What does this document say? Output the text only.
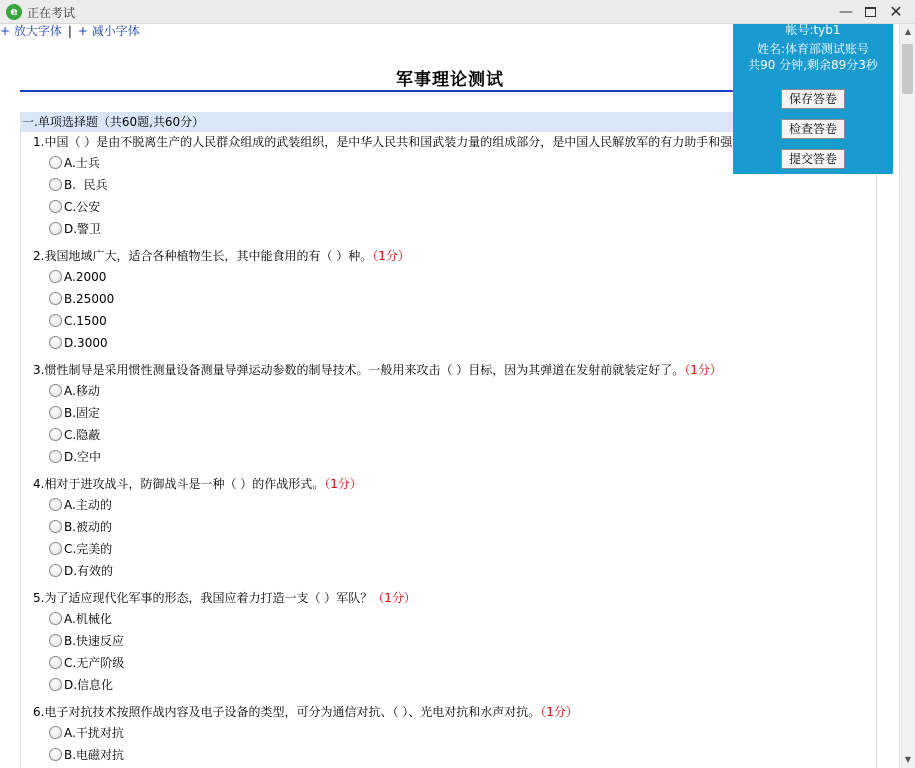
e 正在考试	— ✕
+ 放大字体 | + 减小字体
军事理论测试
一.单项选择题（共60题,共60分）
1.中国（ ）是由不脱离生产的人民群众组成的武装组织，是中华人民共和国武装力量的组成部分，是中国人民解放军的有力助手和强
A.士兵
B.  民兵
C.公安
D.警卫
2.我国地域广大，适合各种植物生长，其中能食用的有（ ）种。（1分）
A.2000
B.25000
C.1500
D.3000
3.惯性制导是采用惯性测量设备测量导弹运动参数的制导技术。一般用来攻击（ ）目标，因为其弹道在发射前就装定好了。（1分）
A.移动
B.固定
C.隐蔽
D.空中
4.相对于进攻战斗，防御战斗是一种（ ）的作战形式。（1分）
A.主动的
B.被动的
C.完美的
D.有效的
5.为了适应现代化军事的形态，我国应着力打造一支（ ）军队？（1分）
A.机械化
B.快速反应
C.无产阶级
D.信息化
6.电子对抗技术按照作战内容及电子设备的类型，可分为通信对抗、（ ）、光电对抗和水声对抗。（1分）
A.干扰对抗
B.电磁对抗
帐号:tyb1
姓名:体育部测试账号
共90 分钟,剩余89分3秒
保存答卷
检查答卷
提交答卷
▲
▼
